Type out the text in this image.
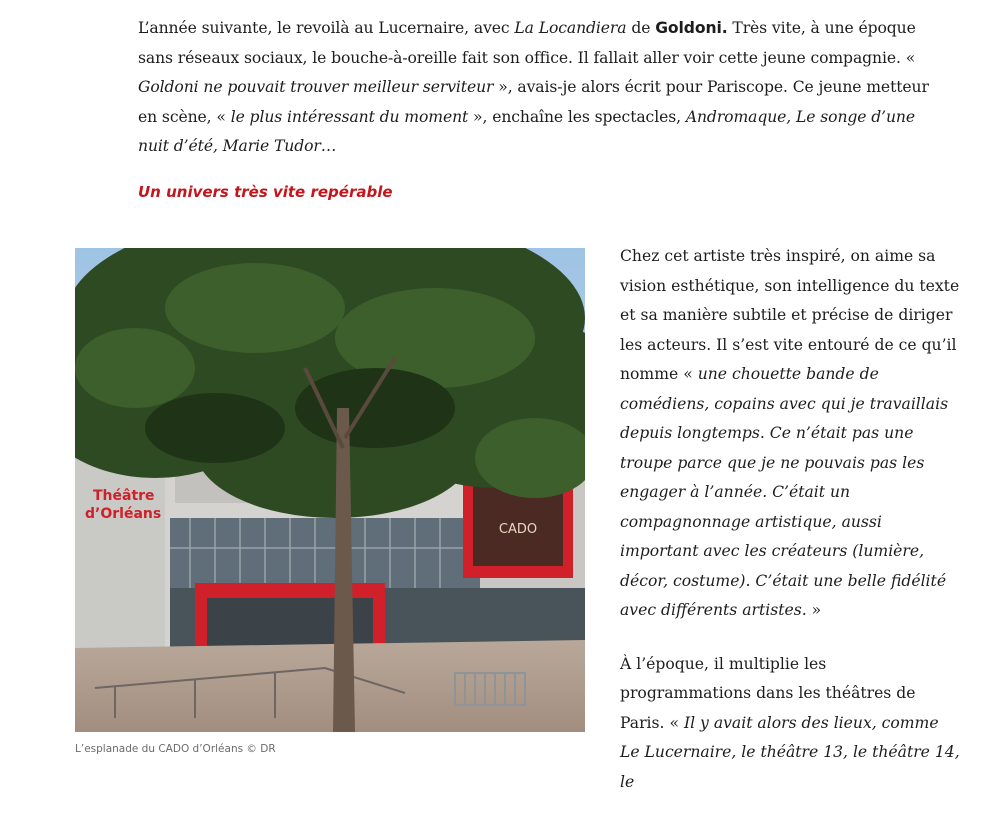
L’année suivante, le revoilà au Lucernaire, avec La Locandiera de Goldoni. Très vite, à une époque sans réseaux sociaux, le bouche-à-oreille fait son office. Il fallait aller voir cette jeune compagnie. « Goldoni ne pouvait trouver meilleur serviteur », avais-je alors écrit pour Pariscope. Ce jeune metteur en scène, « le plus intéressant du moment », enchaîne les spectacles, Andromaque, Le songe d’une nuit d’été, Marie Tudor…

Un univers très vite repérable
CADO
Théâtre
d’Orléans
L’esplanade du CADO d’Orléans © DR

Chez cet artiste très inspiré, on aime sa vision esthétique, son intelligence du texte et sa manière subtile et précise de diriger les acteurs. Il s’est vite entouré de ce qu’il nomme « une chouette bande de comédiens, copains avec qui je travaillais depuis longtemps. Ce n’était pas une troupe parce que je ne pouvais pas les engager à l’année. C’était un compagnonnage artistique, aussi important avec les créateurs (lumière, décor, costume). C’était une belle fidélité avec différents artistes. »

À l’époque, il multiplie les programmations dans les théâtres de Paris. « Il y avait alors des lieux, comme Le Lucernaire, le théâtre 13, le théâtre 14, le
